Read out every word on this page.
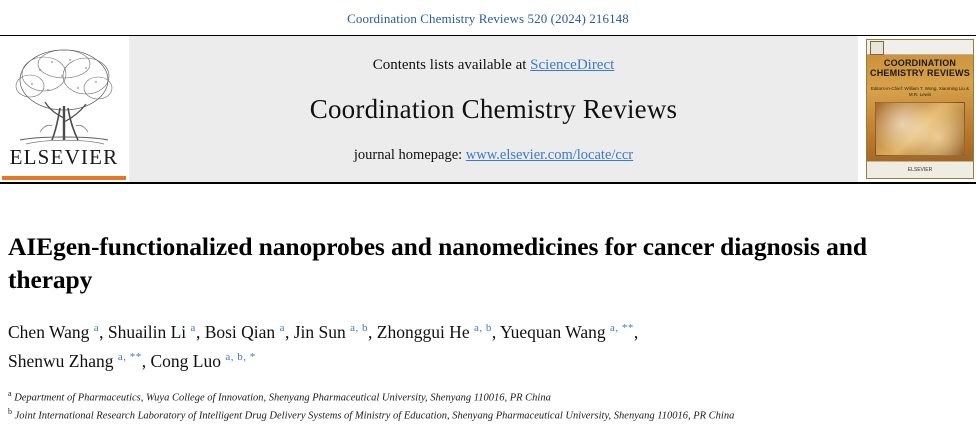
Coordination Chemistry Reviews 520 (2024) 216148
ELSEVIER
Contents lists available at ScienceDirect
Coordination Chemistry Reviews
journal homepage: www.elsevier.com/locate/ccr
COORDINATION CHEMISTRY REVIEWS
Editors-in-Chief: William T. Wong, Xiaoming Liu & M.R. Lewis
ELSEVIER
AIEgen-functionalized nanoprobes and nanomedicines for cancer diagnosis and therapy
Chen Wang $^a$, Shuailin Li $^a$, Bosi Qian $^a$, Jin Sun $^{a, b}$, Zhonggui He $^{a, b}$, Yuequan Wang $^{a, **}$,
Shenwu Zhang $^{a, **}$, Cong Luo $^{a, b, *}$

$^a$ Department of Pharmaceutics, Wuya College of Innovation, Shenyang Pharmaceutical University, Shenyang 110016, PR China

$^b$ Joint International Research Laboratory of Intelligent Drug Delivery Systems of Ministry of Education, Shenyang Pharmaceutical University, Shenyang 110016, PR China
